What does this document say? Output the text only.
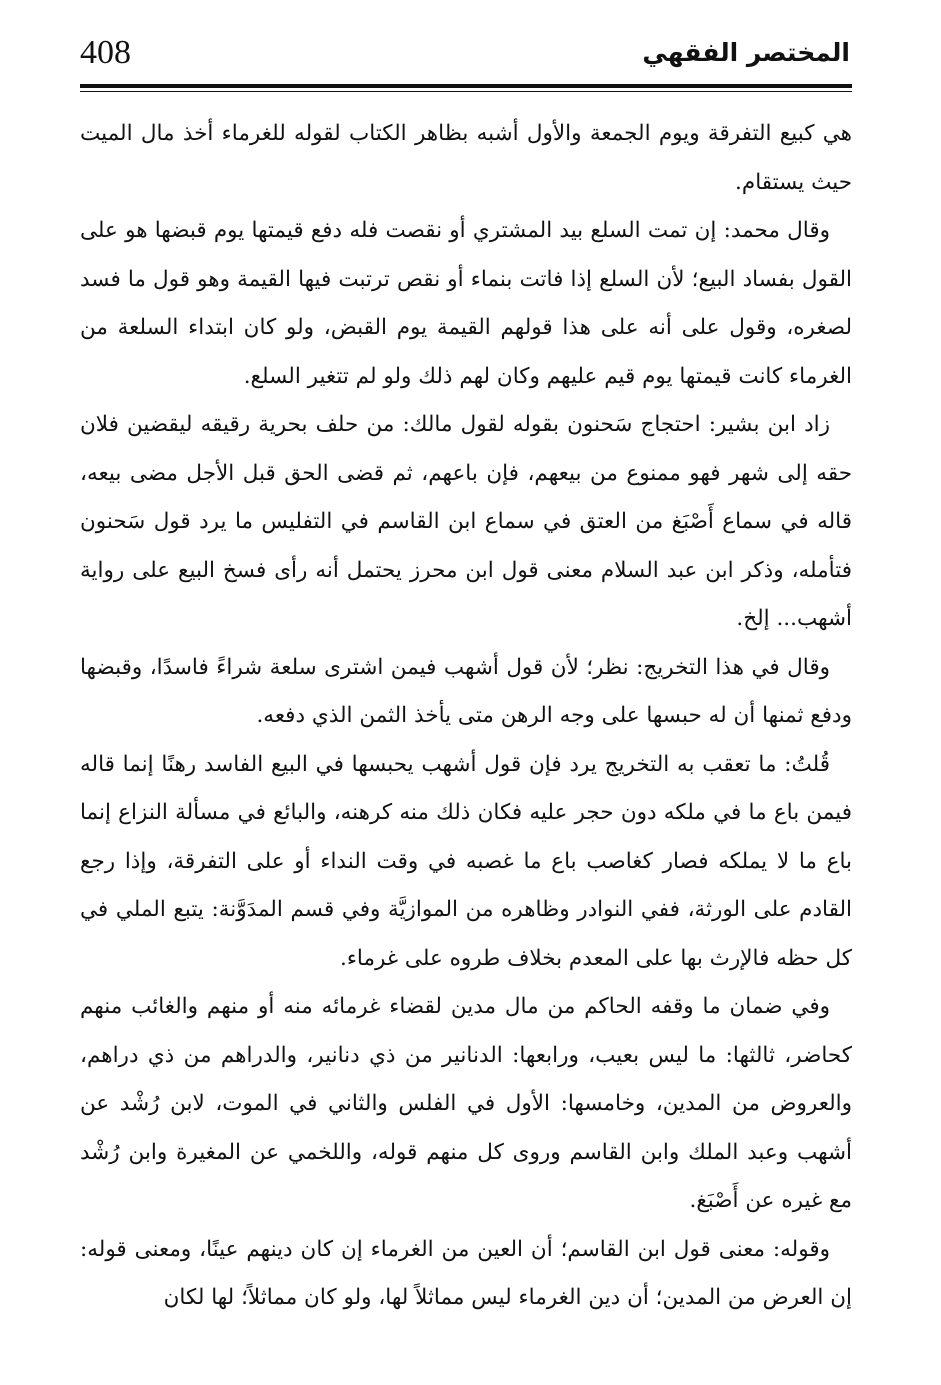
408	المختصر الفقهي

هي كبيع التفرقة ويوم الجمعة والأول أشبه بظاهر الكتاب لقوله للغرماء أخذ مال الميت حيث يستقام.

وقال محمد: إن تمت السلع بيد المشتري أو نقصت فله دفع قيمتها يوم قبضها هو على القول بفساد البيع؛ لأن السلع إذا فاتت بنماء أو نقص ترتبت فيها القيمة وهو قول ما فسد لصغره، وقول على أنه على هذا قولهم القيمة يوم القبض، ولو كان ابتداء السلعة من الغرماء كانت قيمتها يوم قيم عليهم وكان لهم ذلك ولو لم تتغير السلع.

زاد ابن بشير: احتجاج سَحنون بقوله لقول مالك: من حلف بحرية رقيقه ليقضين فلان حقه إلى شهر فهو ممنوع من بيعهم، فإن باعهم، ثم قضى الحق قبل الأجل مضى بيعه، قاله في سماع أَصْبَغ من العتق في سماع ابن القاسم في التفليس ما يرد قول سَحنون فتأمله، وذكر ابن عبد السلام معنى قول ابن محرز يحتمل أنه رأى فسخ البيع على رواية أشهب... إلخ.

وقال في هذا التخريج: نظر؛ لأن قول أشهب فيمن اشترى سلعة شراءً فاسدًا، وقبضها ودفع ثمنها أن له حبسها على وجه الرهن متى يأخذ الثمن الذي دفعه.

قُلتُ: ما تعقب به التخريج يرد فإن قول أشهب يحبسها في البيع الفاسد رهنًا إنما قاله فيمن باع ما في ملكه دون حجر عليه فكان ذلك منه كرهنه، والبائع في مسألة النزاع إنما باع ما لا يملكه فصار كغاصب باع ما غصبه في وقت النداء أو على التفرقة، وإذا رجع القادم على الورثة، ففي النوادر وظاهره من الموازيَّة وفي قسم المدَوَّنة: يتبع الملي في كل حظه فالإرث بها على المعدم بخلاف طروه على غرماء.

وفي ضمان ما وقفه الحاكم من مال مدين لقضاء غرمائه منه أو منهم والغائب منهم كحاضر، ثالثها: ما ليس بعيب، ورابعها: الدنانير من ذي دنانير، والدراهم من ذي دراهم، والعروض من المدين، وخامسها: الأول في الفلس والثاني في الموت، لابن رُشْد عن أشهب وعبد الملك وابن القاسم وروى كل منهم قوله، واللخمي عن المغيرة وابن رُشْد مع غيره عن أَصْبَغ.

وقوله: معنى قول ابن القاسم؛ أن العين من الغرماء إن كان دينهم عينًا، ومعنى قوله: إن العرض من المدين؛ أن دين الغرماء ليس مماثلاً لها، ولو كان مماثلاً؛ لها لكان
